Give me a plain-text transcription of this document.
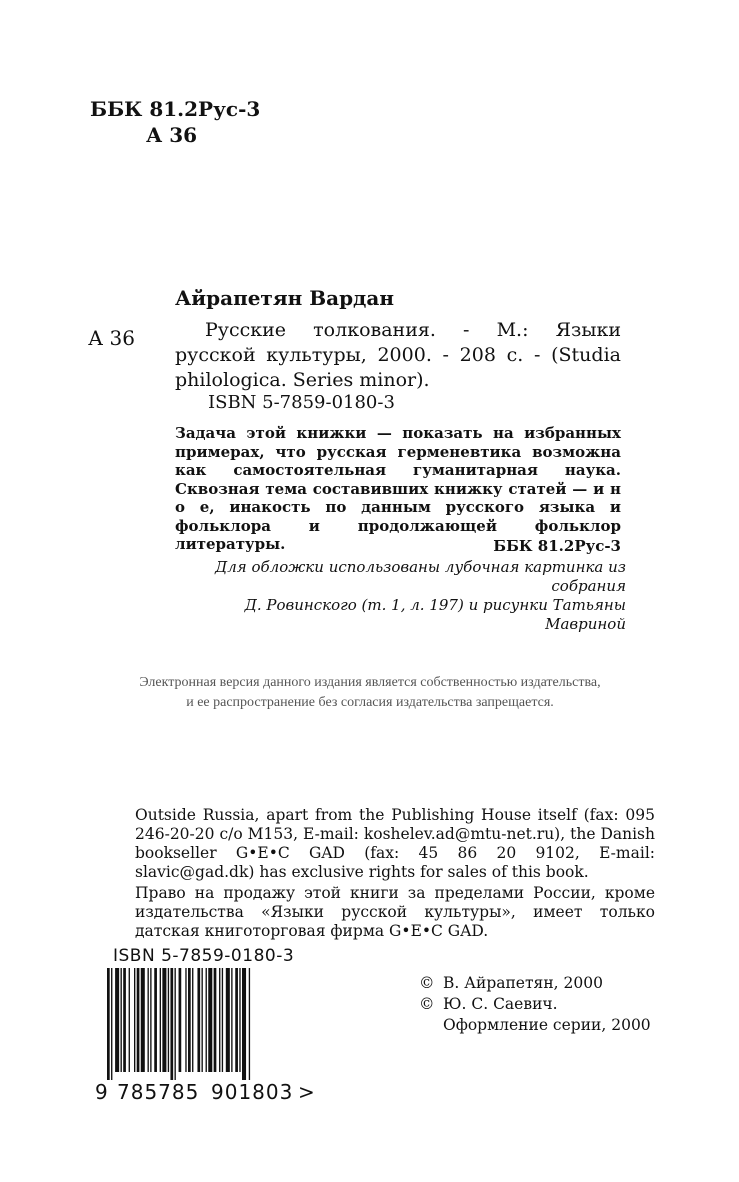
ББК 81.2Рус-3
А 36
Айрапетян Вардан
А 36	Русские толкования. - М.: Языки русской культуры, 2000. - 208 с. - (Studia philologica. Series minor).
ISBN 5-7859-0180-3
Задача этой книжки — показать на избранных примерах, что русская герменевтика возможна как самостоятельная гуманитарная наука. Сквозная тема составивших книжку статей — и н о е, инакость по данным русского языка и фольклора и продолжающей фольклор литературы.	ББК 81.2Рус-3
Для обложки использованы лубочная картинка из собрания
Д. Ровинского (т. 1, л. 197) и рисунки Татьяны Мавриной
Электронная версия данного издания является собственностью издательства,
и ее распространение без согласия издательства запрещается.

Outside Russia, apart from the Publishing House itself (fax: 095 246-20-20 c/o M153, E-mail: koshelev.ad@mtu-net.ru), the Danish bookseller G•E•C GAD (fax: 45 86 20 9102, E-mail: slavic@gad.dk) has exclusive rights for sales of this book.

Право на продажу этой книги за пределами России, кроме издательства «Языки русской культуры», имеет только датская книготорговая фирма G•E•C GAD.

ISBN 5-7859-0180-3
9 785785 901803 >
© В. Айрапетян, 2000
© Ю. С. Саевич. Оформление серии, 2000
